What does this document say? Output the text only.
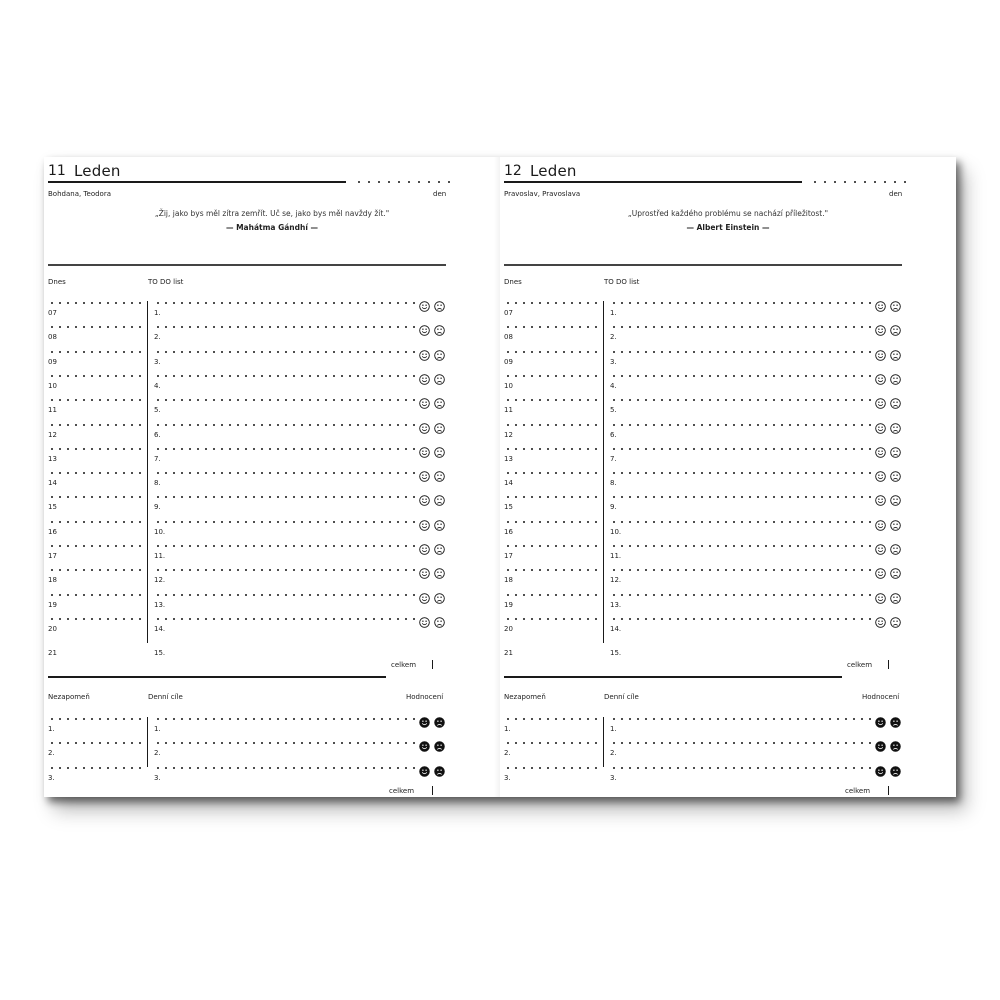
11 Leden
Bohdana, Teodora	den
„Žij, jako bys měl zítra zemřít. Uč se, jako bys měl navždy žít."
— Mahátma Gándhí —
Dnes	TO DO list
07	1.
08	2.
09	3.
10	4.
11	5.
12	6.
13	7.
14	8.
15	9.
16	10.
17	11.
18	12.
19	13.
20	14.
21	15.
celkem
Nezapomeň	Denní cíle	Hodnocení
1.	1.
2.	2.
3.	3.
celkem
12 Leden
Pravoslav, Pravoslava	den
„Uprostřed každého problému se nachází příležitost."
— Albert Einstein —
Dnes	TO DO list
07	1.
08	2.
09	3.
10	4.
11	5.
12	6.
13	7.
14	8.
15	9.
16	10.
17	11.
18	12.
19	13.
20	14.
21	15.
celkem
Nezapomeň	Denní cíle	Hodnocení
1.	1.
2.	2.
3.	3.
celkem
